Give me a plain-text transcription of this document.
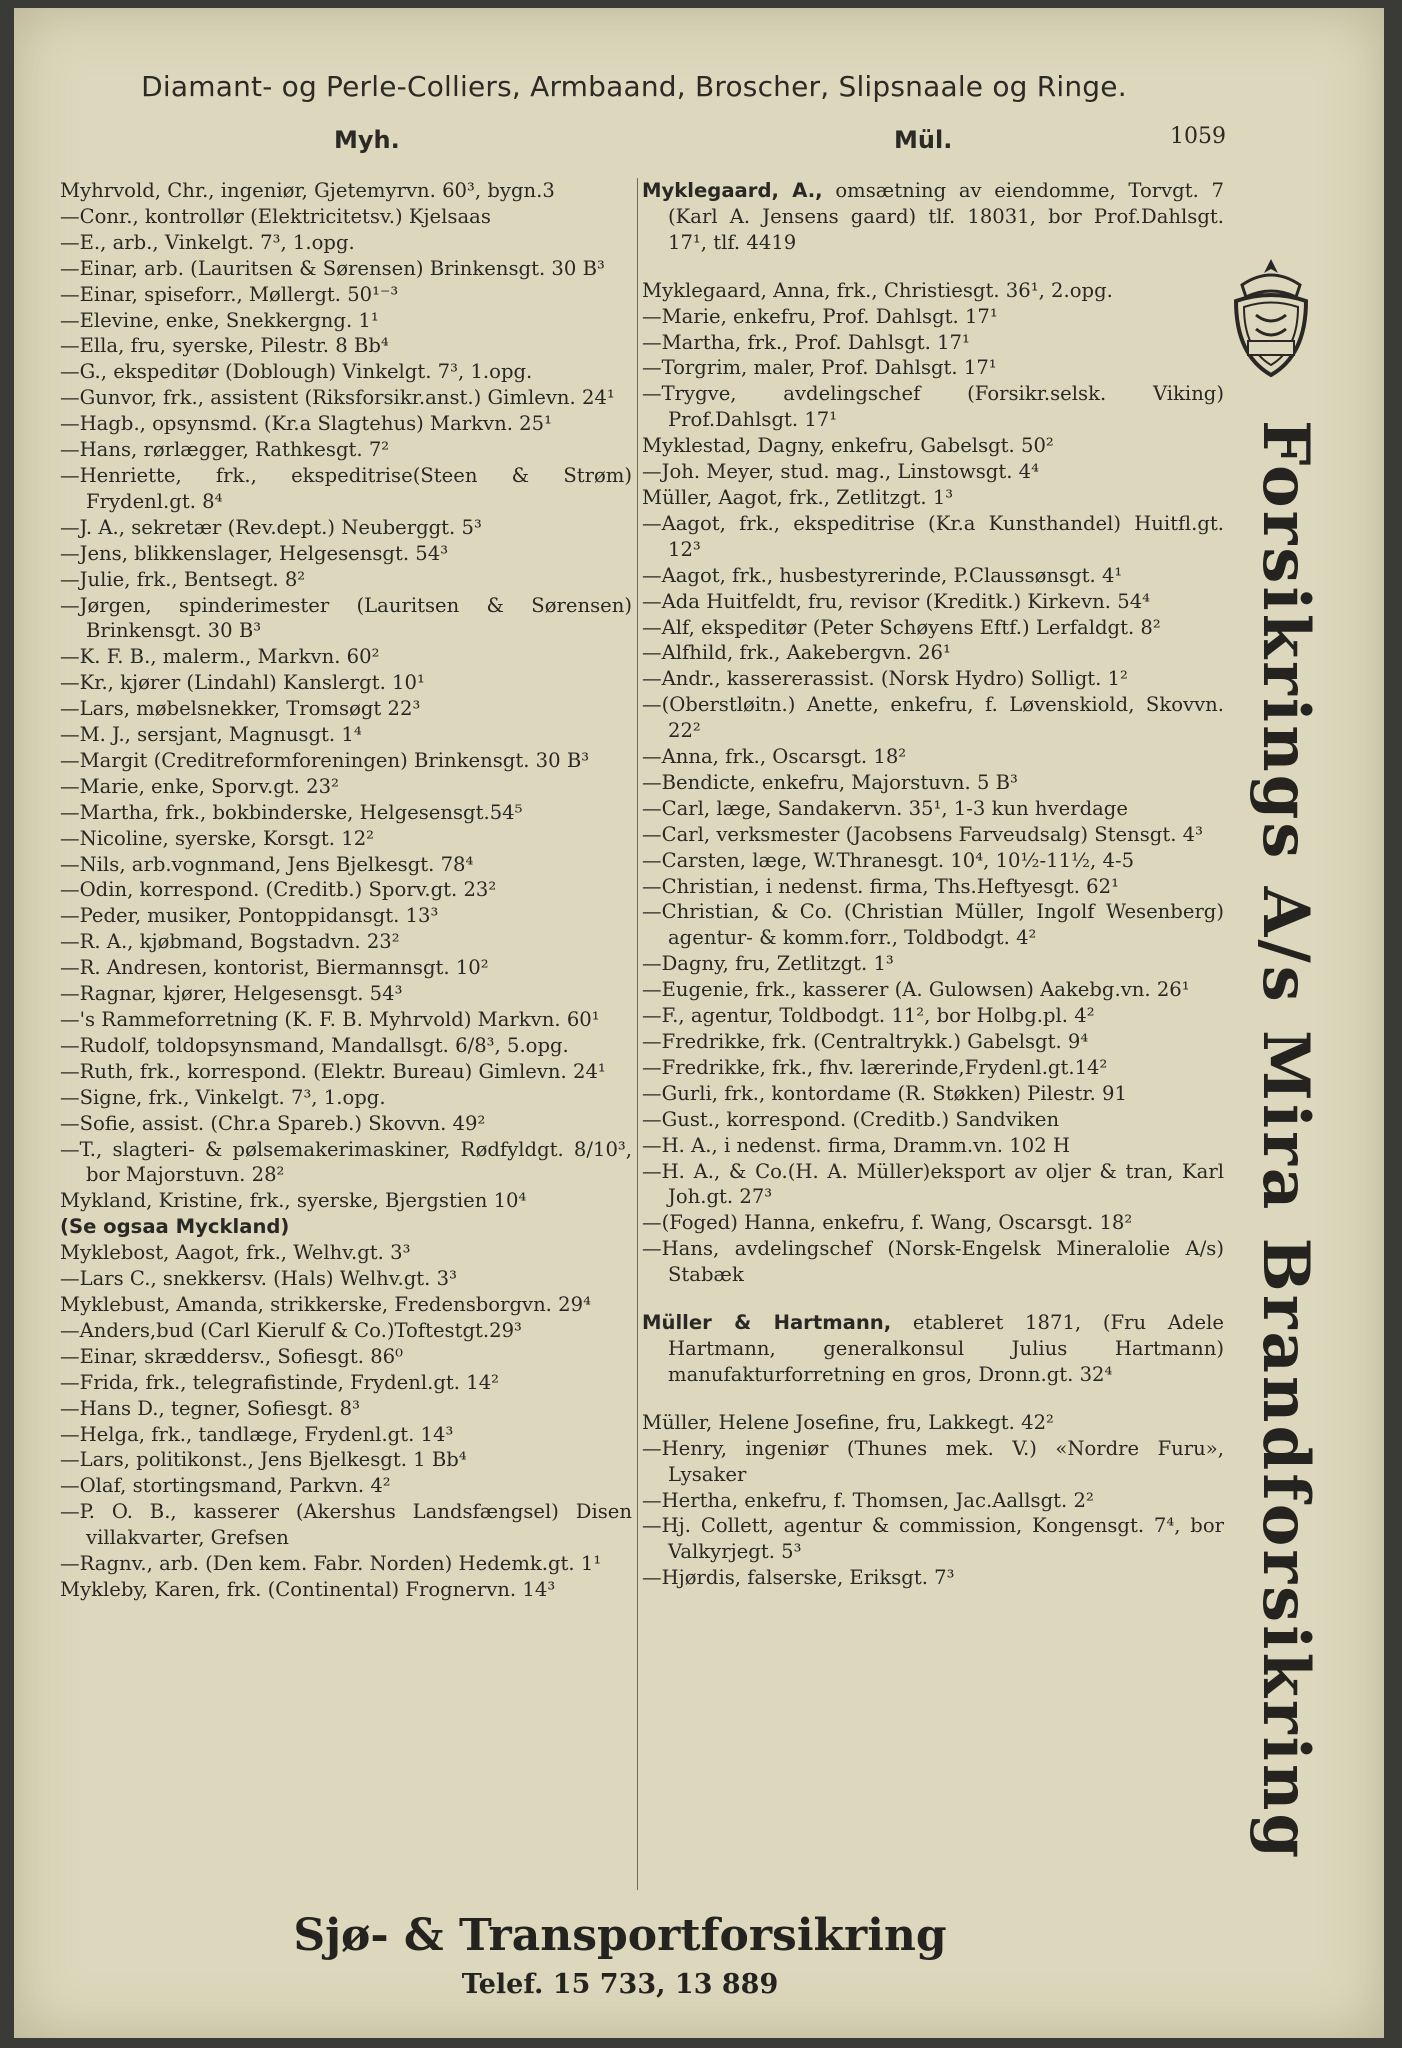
Diamant- og Perle-Colliers, Armbaand, Broscher, Slipsnaale og Ringe.
Myh.	Mül.	1059
Myhrvold, Chr., ingeniør, Gjetemyrvn. 60³, bygn.3
—Conr., kontrollør (Elektricitetsv.) Kjelsaas
—E., arb., Vinkelgt. 7³, 1.opg.
—Einar, arb. (Lauritsen & Sørensen) Brinkensgt. 30 B³
—Einar, spiseforr., Møllergt. 50¹⁻³
—Elevine, enke, Snekkergng. 1¹
—Ella, fru, syerske, Pilestr. 8 Bb⁴
—G., ekspeditør (Doblough) Vinkelgt. 7³, 1.opg.
—Gunvor, frk., assistent (Riksforsikr.anst.) Gimlevn. 24¹
—Hagb., opsynsmd. (Kr.a Slagtehus) Markvn. 25¹
—Hans, rørlægger, Rathkesgt. 7²
—Henriette, frk., ekspeditrise(Steen & Strøm) Frydenl.gt. 8⁴
—J. A., sekretær (Rev.dept.) Neuberggt. 5³
—Jens, blikkenslager, Helgesensgt. 54³
—Julie, frk., Bentsegt. 8²
—Jørgen, spinderimester (Lauritsen & Sørensen) Brinkensgt. 30 B³
—K. F. B., malerm., Markvn. 60²
—Kr., kjører (Lindahl) Kanslergt. 10¹
—Lars, møbelsnekker, Tromsøgt 22³
—M. J., sersjant, Magnusgt. 1⁴
—Margit (Creditreformforeningen) Brinkensgt. 30 B³
—Marie, enke, Sporv.gt. 23²
—Martha, frk., bokbinderske, Helgesensgt.54⁵
—Nicoline, syerske, Korsgt. 12²
—Nils, arb.vognmand, Jens Bjelkesgt. 78⁴
—Odin, korrespond. (Creditb.) Sporv.gt. 23²
—Peder, musiker, Pontoppidansgt. 13³
—R. A., kjøbmand, Bogstadvn. 23²
—R. Andresen, kontorist, Biermannsgt. 10²
—Ragnar, kjører, Helgesensgt. 54³
—'s Rammeforretning (K. F. B. Myhrvold) Markvn. 60¹
—Rudolf, toldopsynsmand, Mandallsgt. 6/8³, 5.opg.
—Ruth, frk., korrespond. (Elektr. Bureau) Gimlevn. 24¹
—Signe, frk., Vinkelgt. 7³, 1.opg.
—Sofie, assist. (Chr.a Spareb.) Skovvn. 49²
—T., slagteri- & pølsemakerimaskiner, Rødfyldgt. 8/10³, bor Majorstuvn. 28²
Mykland, Kristine, frk., syerske, Bjergstien 10⁴
(Se ogsaa Myckland)
Myklebost, Aagot, frk., Welhv.gt. 3³
—Lars C., snekkersv. (Hals) Welhv.gt. 3³
Myklebust, Amanda, strikkerske, Fredensborgvn. 29⁴
—Anders,bud (Carl Kierulf & Co.)Toftestgt.29³
—Einar, skræddersv., Sofiesgt. 86⁰
—Frida, frk., telegrafistinde, Frydenl.gt. 14²
—Hans D., tegner, Sofiesgt. 8³
—Helga, frk., tandlæge, Frydenl.gt. 14³
—Lars, politikonst., Jens Bjelkesgt. 1 Bb⁴
—Olaf, stortingsmand, Parkvn. 4²
—P. O. B., kasserer (Akershus Landsfængsel) Disen villakvarter, Grefsen
—Ragnv., arb. (Den kem. Fabr. Norden) Hedemk.gt. 1¹
Mykleby, Karen, frk. (Continental) Frognervn. 14³
Myklegaard, A., omsætning av eiendomme, Torvgt. 7 (Karl A. Jensens gaard) tlf. 18031, bor Prof.Dahlsgt. 17¹, tlf. 4419
Myklegaard, Anna, frk., Christiesgt. 36¹, 2.opg.
—Marie, enkefru, Prof. Dahlsgt. 17¹
—Martha, frk., Prof. Dahlsgt. 17¹
—Torgrim, maler, Prof. Dahlsgt. 17¹
—Trygve, avdelingschef (Forsikr.selsk. Viking) Prof.Dahlsgt. 17¹
Myklestad, Dagny, enkefru, Gabelsgt. 50²
—Joh. Meyer, stud. mag., Linstowsgt. 4⁴
Müller, Aagot, frk., Zetlitzgt. 1³
—Aagot, frk., ekspeditrise (Kr.a Kunsthandel) Huitfl.gt. 12³
—Aagot, frk., husbestyrerinde, P.Claussønsgt. 4¹
—Ada Huitfeldt, fru, revisor (Kreditk.) Kirkevn. 54⁴
—Alf, ekspeditør (Peter Schøyens Eftf.) Lerfaldgt. 8²
—Alfhild, frk., Aakebergvn. 26¹
—Andr., kassererassist. (Norsk Hydro) Solligt. 1²
—(Oberstløitn.) Anette, enkefru, f. Løvenskiold, Skovvn. 22²
—Anna, frk., Oscarsgt. 18²
—Bendicte, enkefru, Majorstuvn. 5 B³
—Carl, læge, Sandakervn. 35¹, 1-3 kun hverdage
—Carl, verksmester (Jacobsens Farveudsalg) Stensgt. 4³
—Carsten, læge, W.Thranesgt. 10⁴, 10½-11½, 4-5
—Christian, i nedenst. firma, Ths.Heftyesgt. 62¹
—Christian, & Co. (Christian Müller, Ingolf Wesenberg) agentur- & komm.forr., Toldbodgt. 4²
—Dagny, fru, Zetlitzgt. 1³
—Eugenie, frk., kasserer (A. Gulowsen) Aakebg.vn. 26¹
—F., agentur, Toldbodgt. 11², bor Holbg.pl. 4²
—Fredrikke, frk. (Centraltrykk.) Gabelsgt. 9⁴
—Fredrikke, frk., fhv. lærerinde,Frydenl.gt.14²
—Gurli, frk., kontordame (R. Støkken) Pilestr. 91
—Gust., korrespond. (Creditb.) Sandviken
—H. A., i nedenst. firma, Dramm.vn. 102 H
—H. A., & Co.(H. A. Müller)eksport av oljer & tran, Karl Joh.gt. 27³
—(Foged) Hanna, enkefru, f. Wang, Oscarsgt. 18²
—Hans, avdelingschef (Norsk-Engelsk Mineralolie A/s) Stabæk
Müller & Hartmann, etableret 1871, (Fru Adele Hartmann, generalkonsul Julius Hartmann) manufakturforretning en gros, Dronn.gt. 32⁴
Müller, Helene Josefine, fru, Lakkegt. 42²
—Henry, ingeniør (Thunes mek. V.) «Nordre Furu», Lysaker
—Hertha, enkefru, f. Thomsen, Jac.Aallsgt. 2²
—Hj. Collett, agentur & commission, Kongensgt. 7⁴, bor Valkyrjegt. 5³
—Hjørdis, falserske, Eriksgt. 7³	Forsikrings A/s Mira Brandforsikring
Sjø- & Transportforsikring
Telef. 15 733, 13 889
